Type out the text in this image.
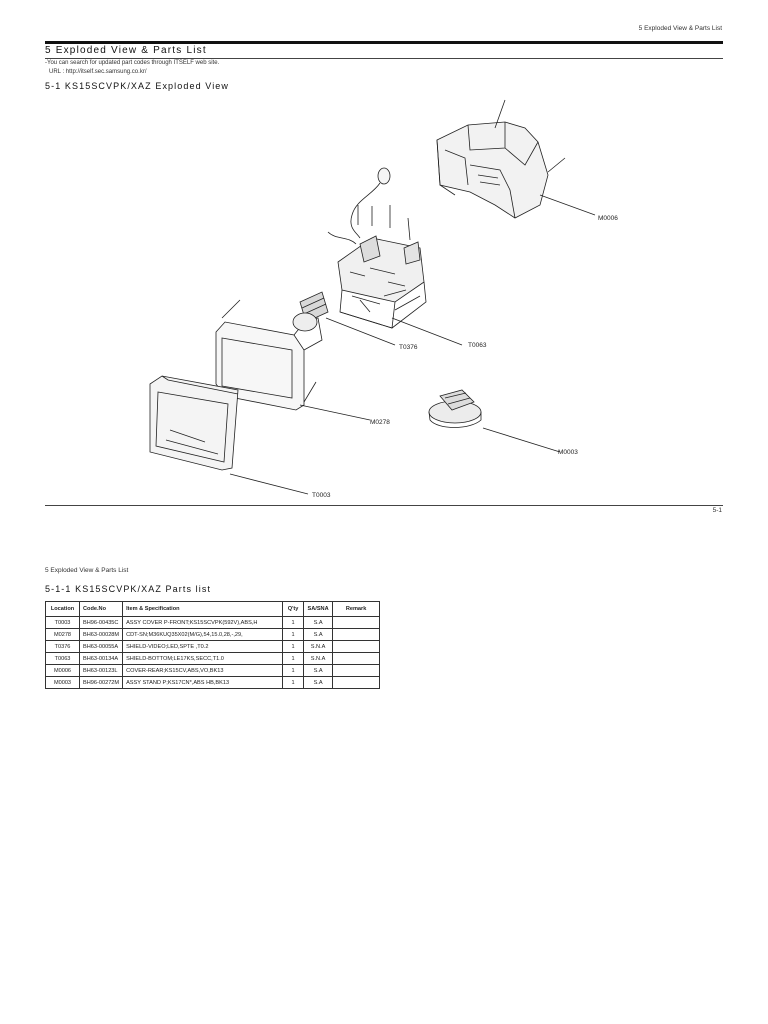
5 Exploded View & Parts List
5 Exploded View & Parts List
-You can search for updated part codes through ITSELF web site.
URL : http://itself.sec.samsung.co.kr/
5-1 KS15SCVPK/XAZ Exploded View
M0006
T0376	T0063
M0278
M0003
T0003
5-1
5 Exploded View & Parts List
5-1-1 KS15SCVPK/XAZ Parts list
Location	Code.No	Item & Specification	Q'ty	SA/SNA	Remark
T0003	BH96-00435C	ASSY COVER P-FRONT;KS15SCVPK(592V),ABS,H	1	S.A	
M0278	BH63-00028M	CDT-SN;M36KUQ35X02(M/G),54,15.0,28,-,29,	1	S.A	
T0376	BH63-00055A	SHIELD-VIDEO;LED,SPTE ,T0.2	1	S.N.A	
T0063	BH63-00134A	SHIELD-BOTTOM;LE17KS,SECC,T1.0	1	S.N.A	
M0006	BH63-00123L	COVER-REAR;KS15CV,ABS,VO,BK13	1	S.A	
M0003	BH96-00272M	ASSY STAND P;KS17CN*,ABS HB,BK13	1	S.A	
